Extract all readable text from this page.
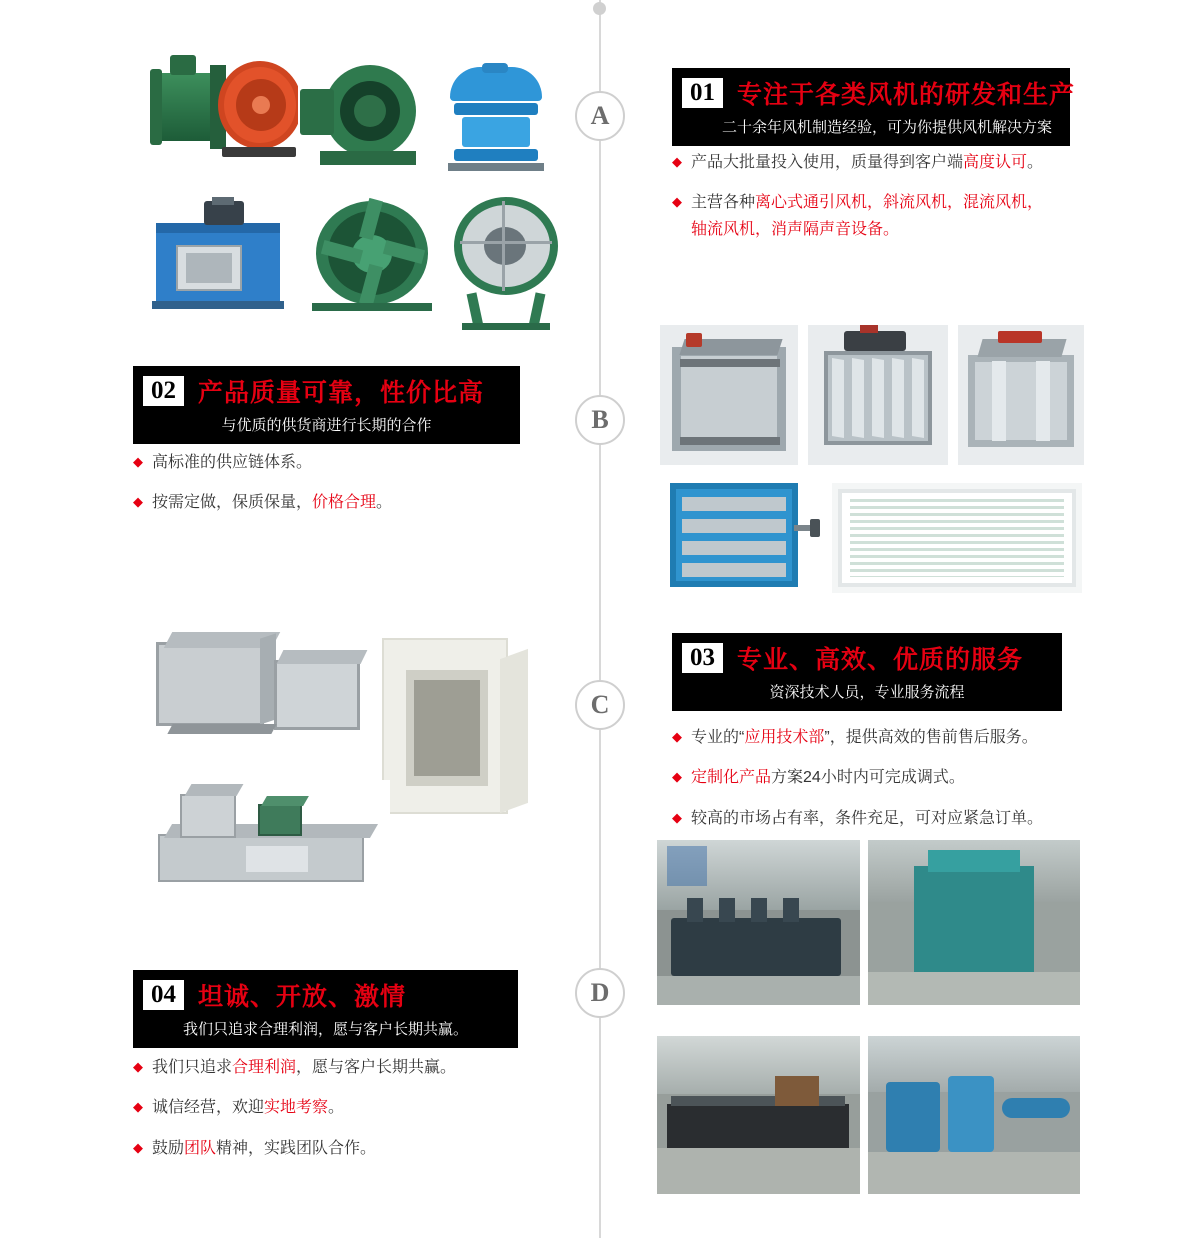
A
B
C
D
01 专注于各类风机的研发和生产
二十余年风机制造经验，可为你提供风机解决方案
◆ 产品大批量投入使用，质量得到客户端高度认可。
◆ 主营各种离心式通引风机，斜流风机，混流风机，轴流风机，消声隔声音设备。
02 产品质量可靠，性价比高
与优质的供货商进行长期的合作
◆ 高标准的供应链体系。
◆ 按需定做，保质保量，价格合理。
03 专业、高效、优质的服务
资深技术人员，专业服务流程
◆ 专业的“应用技术部”，提供高效的售前售后服务。
◆ 定制化产品方案24小时内可完成调式。
◆ 较高的市场占有率，条件充足，可对应紧急订单。
04 坦诚、开放、激情
我们只追求合理利润，愿与客户长期共赢。
◆ 我们只追求合理利润，愿与客户长期共赢。
◆ 诚信经营，欢迎实地考察。
◆ 鼓励团队精神，实践团队合作。
